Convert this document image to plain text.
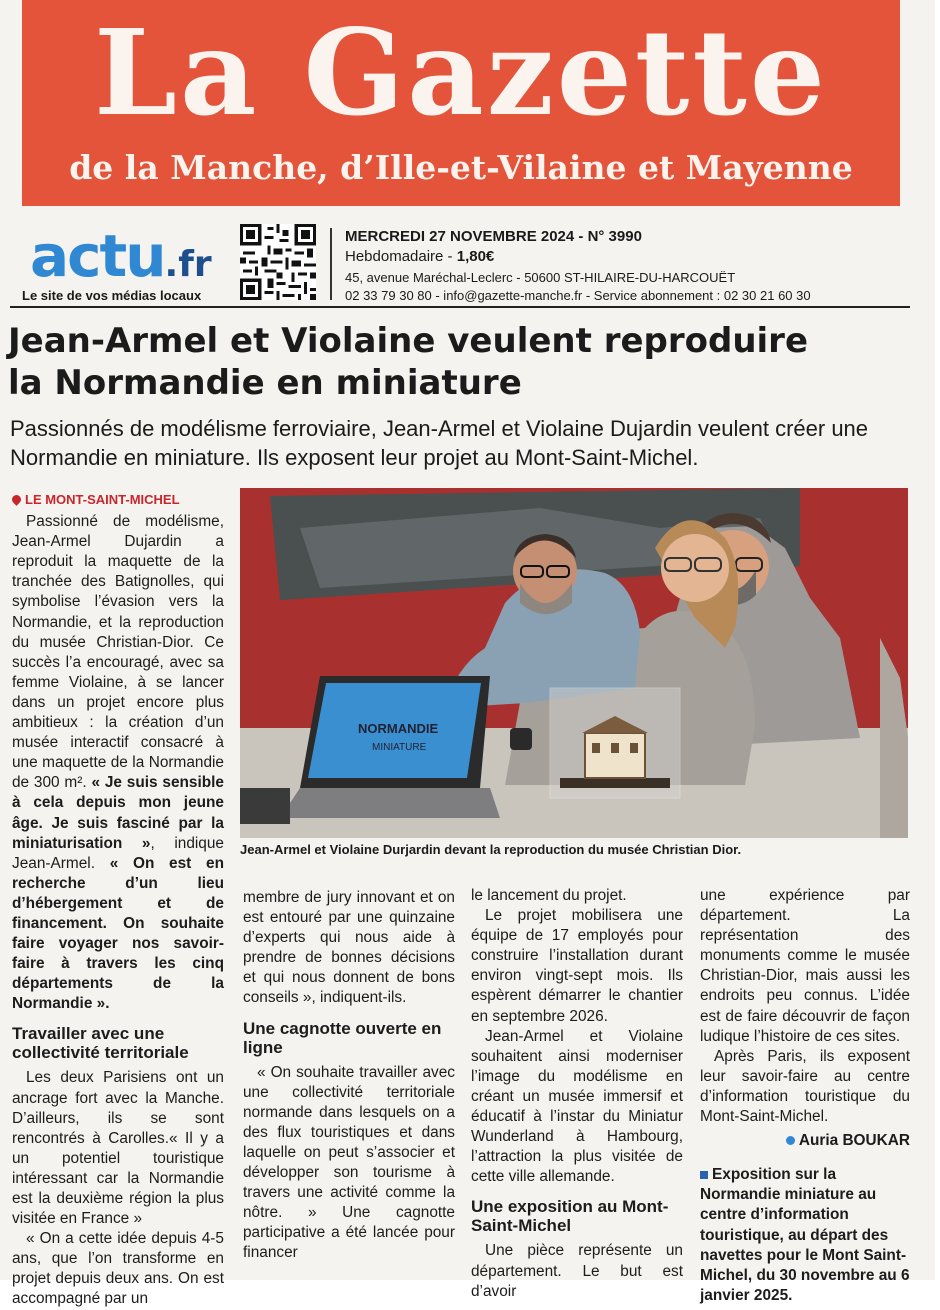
La Gazette
de la Manche, d’Ille-et-Vilaine et Mayenne
actu.fr
Le site de vos médias locaux
MERCREDI 27 NOVEMBRE 2024 - N° 3990
Hebdomadaire - 1,80€
45, avenue Maréchal-Leclerc - 50600 ST-HILAIRE-DU-HARCOUËT
02 33 79 30 80 - info@gazette-manche.fr - Service abonnement : 02 30 21 60 30
Jean-Armel et Violaine veulent reproduire
la Normandie en miniature
Passionnés de modélisme ferroviaire, Jean-Armel et Violaine Dujardin veulent créer une Normandie en miniature. Ils exposent leur projet au Mont-Saint-Michel.
NORMANDIE
MINIATURE
Jean-Armel et Violaine Durjardin devant la reproduction du musée Christian Dior.
LE MONT-SAINT-MICHEL

Passionné de modélisme, Jean-Armel Dujardin a reproduit la maquette de la tranchée des Batignolles, qui symbolise l’évasion vers la Normandie, et la reproduction du musée Christian-Dior. Ce succès l’a encouragé, avec sa femme Violaine, à se lancer dans un projet encore plus ambitieux : la création d’un musée interactif consacré à une maquette de la Normandie de 300 m². « Je suis sensible à cela depuis mon jeune âge. Je suis fasciné par la miniaturisation », indique Jean-Armel. « On est en recherche d’un lieu d’hébergement et de financement. On souhaite faire voyager nos savoir-faire à travers les cinq départements de la Normandie ».

Travailler avec une collectivité territoriale

Les deux Parisiens ont un ancrage fort avec la Manche. D’ailleurs, ils se sont rencontrés à Carolles.« Il y a un potentiel touristique intéressant car la Normandie est la deuxième région la plus visitée en France »

« On a cette idée depuis 4-5 ans, que l’on transforme en projet depuis deux ans. On est accompagné par un

membre de jury innovant et on est entouré par une quinzaine d’experts qui nous aide à prendre de bonnes décisions et qui nous donnent de bons conseils », indiquent-ils.

Une cagnotte ouverte en ligne

« On souhaite travailler avec une collectivité territoriale normande dans lesquels on a des flux touristiques et dans laquelle on peut s’associer et développer son tourisme à travers une activité comme la nôtre. » Une cagnotte participative a été lancée pour financer

le lancement du projet.

Le projet mobilisera une équipe de 17 employés pour construire l’installation durant environ vingt-sept mois. Ils espèrent démarrer le chantier en septembre 2026.

Jean-Armel et Violaine souhaitent ainsi moderniser l’image du modélisme en créant un musée immersif et éducatif à l’instar du Miniatur Wunderland à Hambourg, l’attraction la plus visitée de cette ville allemande.

Une exposition au Mont-Saint-Michel

Une pièce représente un département. Le but est d’avoir

une expérience par département. La représentation des monuments comme le musée Christian-Dior, mais aussi les endroits peu connus. L’idée est de faire découvrir de façon ludique l’histoire de ces sites.

Après Paris, ils exposent leur savoir-faire au centre d’information touristique du Mont-Saint-Michel.

Auria BOUKAR
Exposition sur la Normandie miniature au centre d’information touristique, au départ des navettes pour le Mont Saint-Michel, du 30 novembre au 6 janvier 2025.
